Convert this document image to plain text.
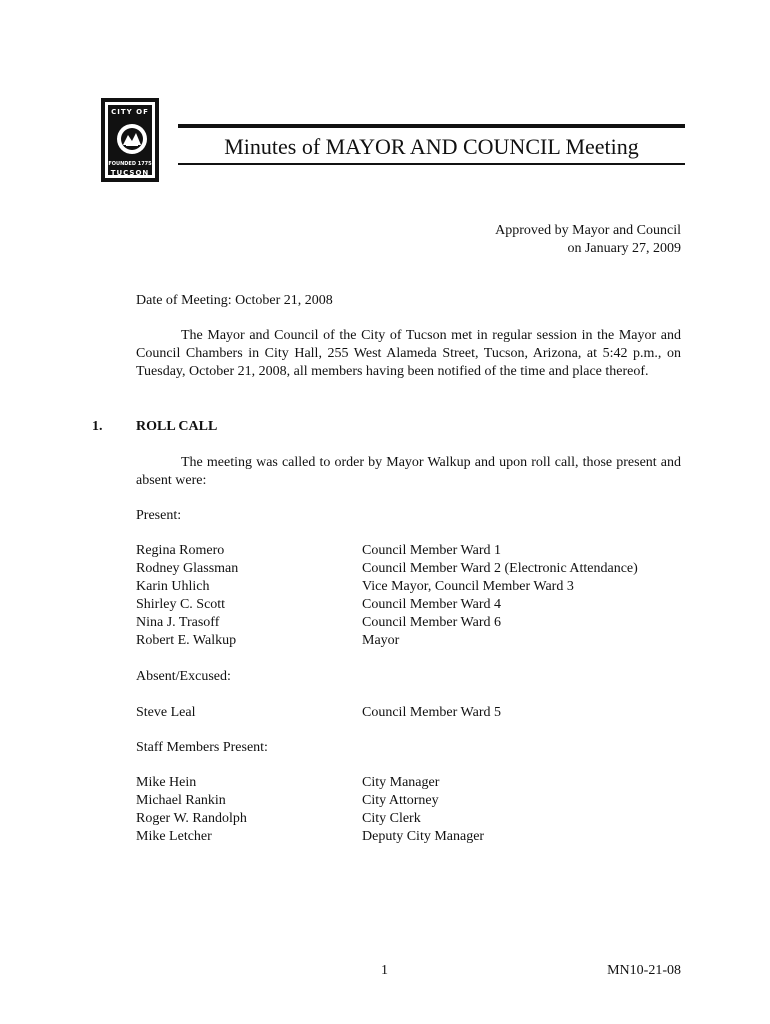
CITY OF
FOUNDED 1775
TUCSON
Minutes of MAYOR AND COUNCIL Meeting
Approved by Mayor and Council
on January 27, 2009
Date of Meeting: October 21, 2008
The Mayor and Council of the City of Tucson met in regular session in the Mayor and Council Chambers in City Hall, 255 West Alameda Street, Tucson, Arizona, at 5:42 p.m., on Tuesday, October 21, 2008, all members having been notified of the time and place thereof.
1. ROLL CALL
The meeting was called to order by Mayor Walkup and upon roll call, those present and absent were:
Present:
Regina Romero	Council Member Ward 1
Rodney Glassman	Council Member Ward 2 (Electronic Attendance)
Karin Uhlich	Vice Mayor, Council Member Ward 3
Shirley C. Scott	Council Member Ward 4
Nina J. Trasoff	Council Member Ward 6
Robert E. Walkup	Mayor
Absent/Excused:
Steve Leal	Council Member Ward 5
Staff Members Present:
Mike Hein	City Manager
Michael Rankin	City Attorney
Roger W. Randolph	City Clerk
Mike Letcher	Deputy City Manager
1	MN10-21-08
